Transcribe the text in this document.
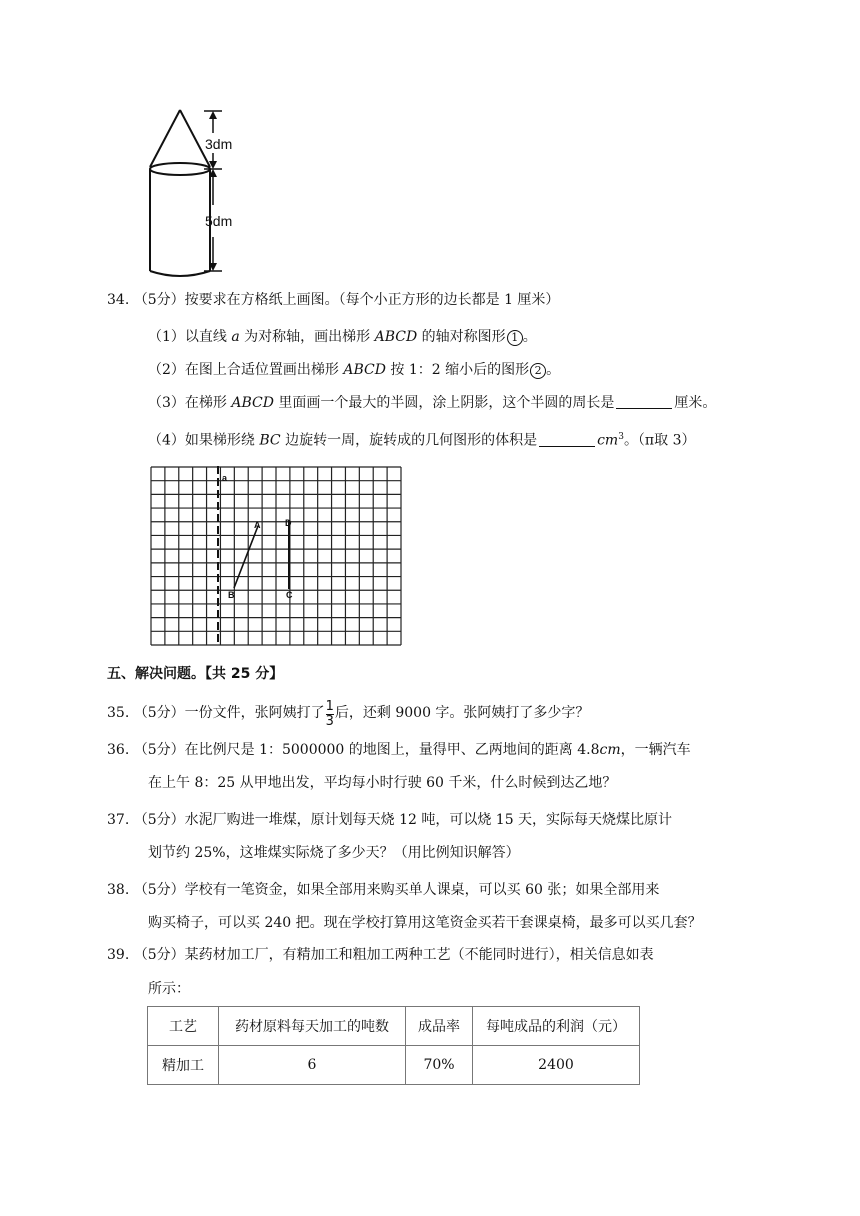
3dm
5dm
34. （5分）按要求在方格纸上画图。（每个小正方形的边长都是 1 厘米）
（1）以直线 a 为对称轴，画出梯形 ABCD 的轴对称图形 1 。
（2）在图上合适位置画出梯形 ABCD 按 1：2 缩小后的图形 2 。
（3）在梯形 ABCD 里面画一个最大的半圆，涂上阴影，这个半圆的周长是	厘米。
（4）如果梯形绕 BC 边旋转一周，旋转成的几何图形的体积是	$cm^3$。（π取 3）
a
A	D
B	C
五、解决问题。【共 25 分】
35. （5分）一份文件，张阿姨打了 $\frac{1}{3}$ 后，还剩 9000 字。张阿姨打了多少字？
36. （5分）在比例尺是 1：5000000 的地图上，量得甲、乙两地间的距离 4.8cm，一辆汽车
在上午 8：25 从甲地出发，平均每小时行驶 60 千米，什么时候到达乙地？
37. （5分）水泥厂购进一堆煤，原计划每天烧 12 吨，可以烧 15 天，实际每天烧煤比原计
划节约 25%，这堆煤实际烧了多少天？（用比例知识解答）
38. （5分）学校有一笔资金，如果全部用来购买单人课桌，可以买 60 张；如果全部用来
购买椅子，可以买 240 把。现在学校打算用这笔资金买若干套课桌椅，最多可以买几套？
39. （5分）某药材加工厂，有精加工和粗加工两种工艺（不能同时进行），相关信息如表
所示：
工艺	药材原料每天加工的吨数	成品率	每吨成品的利润（元）
精加工	6	70%	2400
